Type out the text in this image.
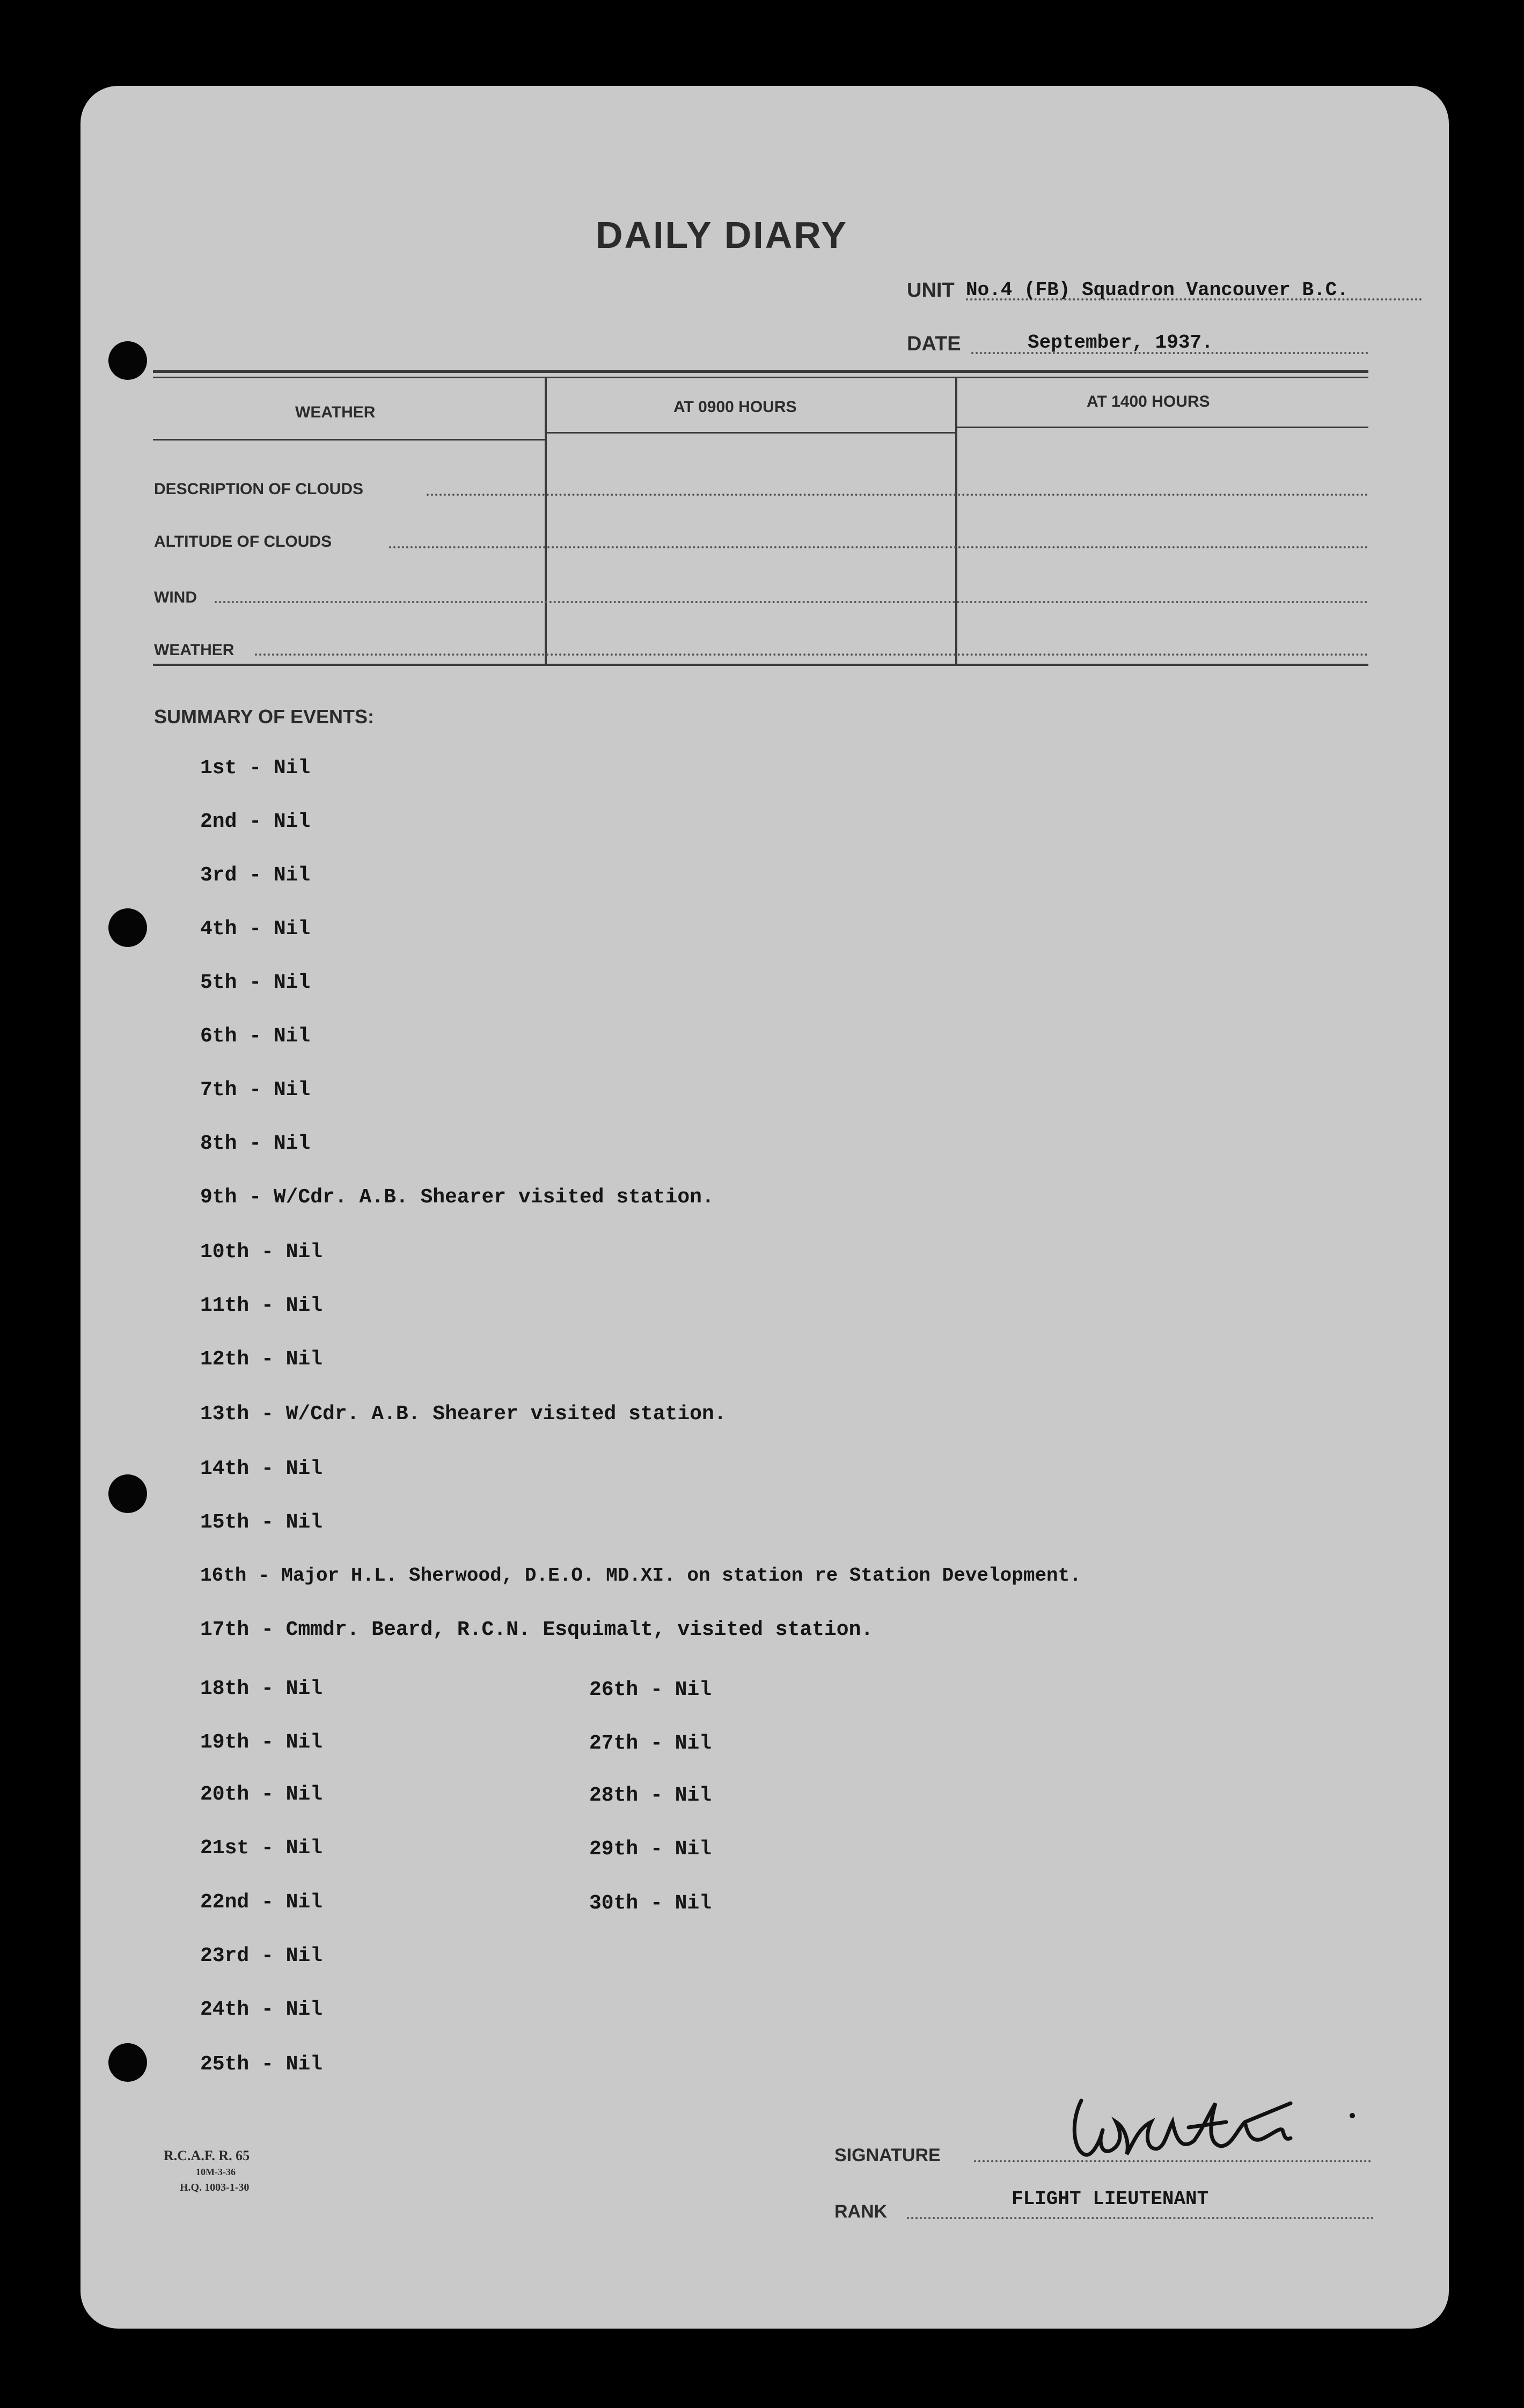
DAILY DIARY
UNIT No.4 (FB) Squadron Vancouver B.C.
DATE	September, 1937.
WEATHER	AT 0900 HOURS	AT 1400 HOURS
DESCRIPTION OF CLOUDS
ALTITUDE OF CLOUDS
WIND
WEATHER
SUMMARY OF EVENTS:
1st - Nil
2nd - Nil
3rd - Nil
4th - Nil
5th - Nil
6th - Nil
7th - Nil
8th - Nil
9th - W/Cdr. A.B. Shearer visited station.
10th - Nil
11th - Nil
12th - Nil
13th - W/Cdr. A.B. Shearer visited station.
14th - Nil
15th - Nil
16th - Major H.L. Sherwood, D.E.O. MD.XI. on station re Station Development.
17th - Cmmdr. Beard, R.C.N. Esquimalt, visited station.
18th - Nil
19th - Nil
20th - Nil
21st - Nil
22nd - Nil
23rd - Nil
24th - Nil
25th - Nil
26th - Nil
27th - Nil
28th - Nil
29th - Nil
30th - Nil
R.C.A.F. R. 65
10M-3-36
H.Q. 1003-1-30
SIGNATURE
RANK
FLIGHT LIEUTENANT
